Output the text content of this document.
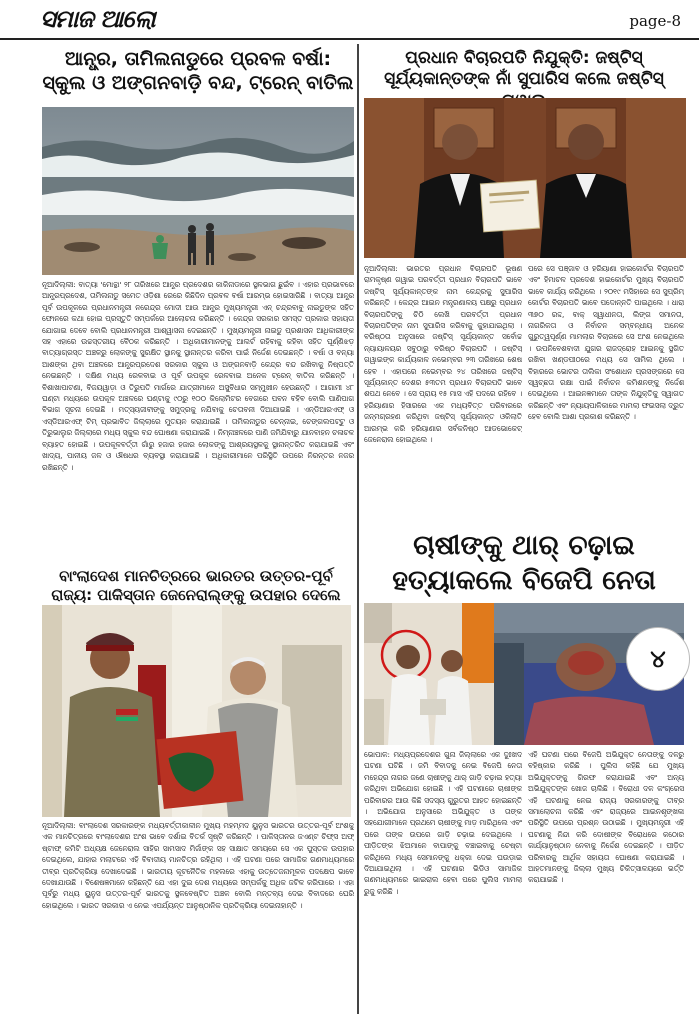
ସମାଜ ଆଲୋ	page-8
ଆନ୍ଧ୍ର, ତାମିଲନାଡୁରେ ପ୍ରବଳ ବର୍ଷା: ସ୍କୁଲ ଓ ଅଙ୍ଗନବାଡ଼ି ବନ୍ଦ, ଟ୍ରେନ୍ ବାତିଲ
ନୂଆଦିଲ୍ଲୀ: ବାତ୍ୟା 'ମୋନ୍ଥା' ୨୮ ତାରିଖରେ ଆନ୍ଧ୍ର ପ୍ରଦେଶର କାକିନାଡାରେ ସ୍ଥଳଭାଗ ଛୁଇଁବ । ଏହାର ପ୍ରଭାବରେ ଆନ୍ଧ୍ରପ୍ରଦେଶ, ତାମିଲନାଡୁ ସମେତ ଓଡ଼ିଶା ରେରେ କିଛିଦିନ ପ୍ରବଳ ବର୍ଷା ଆରମ୍ଭ ହୋଇସାରିଛି । ବାତ୍ୟା ଆନ୍ଧ୍ର ପୂର୍ବ ଉପକୂଳରେ ପ୍ରଧାନମନ୍ତ୍ରୀ ନରେନ୍ଦ୍ର ମୋଦୀ ଆଉ ଆନ୍ଧ୍ର ମୁଖ୍ୟମନ୍ତ୍ରୀ ଏନ୍ ଚନ୍ଦ୍ରବାବୁ ନାଇଡୁଙ୍କ ସହିତ ଫୋନରେ କଥା ହୋଇ ପ୍ରସ୍ତୁତି ସମ୍ପର୍କରେ ଆଲୋଚନା କରିଛନ୍ତି । କେନ୍ଦ୍ର ସରକାର ସମସ୍ତ ପ୍ରକାର ସହାୟତା ଯୋଗାଇ ଦେବେ ବୋଲି ପ୍ରଧାନମନ୍ତ୍ରୀ ଆଶ୍ୱାସନା ଦେଇଛନ୍ତି । ମୁଖ୍ୟମନ୍ତ୍ରୀ ନାଇଡୁ ପ୍ରଶାସନ ଆଧିକାରୀଙ୍କ ସହ ଏହାରେ ଉଚ୍ଚସ୍ତରୀୟ ବୈଠକ କରିଛନ୍ତି । ଅଧିକାରୀମାନଙ୍କୁ ଆଲର୍ଟ ରହିବାକୁ କହିବା ସହିତ ଘୂର୍ଣ୍ଣିଝଡ଼ ବାତ୍ୟାଗ୍ରସ୍ତ ଅଞ୍ଚଳରୁ ଲୋକଙ୍କୁ ସୁରକ୍ଷିତ ସ୍ଥାନକୁ ସ୍ଥାନାନ୍ତର କରିବା ପାଇଁ ନିର୍ଦ୍ଦେଶ ଦେଇଛନ୍ତି । ବର୍ଷା ଓ ବନ୍ୟା ଆଶଙ୍କା ଥିବା ଅଞ୍ଚଳରେ ଆନ୍ଧ୍ରପ୍ରଦେଶ ସରକାର ସ୍କୁଲ ଓ ଅଙ୍ଗନବାଡ଼ି କେନ୍ଦ୍ର ବନ୍ଦ ରଖିବାକୁ ନିଷ୍ପତ୍ତି ନେଇଛନ୍ତି । ଦକ୍ଷିଣ ମଧ୍ୟ ରେଳବାଇ ଓ ପୂର୍ବ ଉପକୂଳ ରେଳବାଇ ଅନେକ ଟ୍ରେନ୍ ବାତିଲ କରିଛନ୍ତି । ବିଶାଖାପାଟଣା, ବିଜୟୱାଡ଼ା ଓ ତିରୁପତି ମାର୍ଗରେ ଯାତ୍ରୀମାନେ ଅସୁବିଧାର ସମ୍ମୁଖୀନ ହେଉଛନ୍ତି । ଆଗାମୀ ୪୮ ଘଣ୍ଟା ମଧ୍ୟରେ ଉପକୂଳ ଅଞ୍ଚଳରେ ଘଣ୍ଟାକୁ ୯୦ରୁ ୧୦୦ କିଲୋମିଟର ବେଗରେ ପବନ ବହିବ ବୋଲି ପାଣିପାଗ ବିଭାଗ ସୂଚନା ଦେଇଛି । ମତ୍ସ୍ୟଜୀବୀଙ୍କୁ ସମୁଦ୍ରକୁ ନଯିବାକୁ ଚେତାବନୀ ଦିଆଯାଇଛି । ଏନ୍‌ଡିଆରଏଫ୍ ଓ ଏସ୍‌ଡିଆରଏଫ୍ ଟିମ୍ ପ୍ରଭାବିତ ଜିଲ୍ଲାରେ ମୁତୟନ କରାଯାଇଛି । ତାମିଲନାଡୁର ଚେନ୍ନାଇ, ଚେଙ୍ଗଲପଟ୍ଟୁ ଓ ତିରୁଭାଲୁର ଜିଲ୍ଲାରେ ମଧ୍ୟ ସ୍କୁଲ ବନ୍ଦ ଘୋଷଣା କରାଯାଇଛି । ନିମ୍ନାଞ୍ଚଳରେ ପାଣି ଜମିଯିବାରୁ ଯାନବାହନ ଚଳାଚଳ ବ୍ୟାହତ ହୋଇଛି । ଉପକୂଳବର୍ତ୍ତୀ ଗାଁରୁ ହଜାର ହଜାର ଲୋକଙ୍କୁ ଆଶ୍ରୟସ୍ଥଳକୁ ସ୍ଥାନାନ୍ତରିତ କରାଯାଇଛି ଏବଂ ଖାଦ୍ୟ, ପାନୀୟ ଜଳ ଓ ଔଷଧର ବ୍ୟବସ୍ଥା କରାଯାଇଛି । ଅଧିକାରୀମାନେ ପରିସ୍ଥିତି ଉପରେ ନିରନ୍ତର ନଜର ରଖିଛନ୍ତି ।
ପ୍ରଧାନ ବିଚାରପତି ନିଯୁକ୍ତି: ଜଷ୍ଟିସ୍ ସୂର୍ଯ୍ୟକାନ୍ତଙ୍କ ନାଁ ସୁପାରିସ କଲେ ଜଷ୍ଟିସ୍
ନୂଆଦିଲ୍ଲୀ: ଭାରତର ପ୍ରଧାନ ବିଚାରପତି ଭୂଷଣ ରାମକୃଷ୍ଣ ଗୱାଇ ପରବର୍ତ୍ତୀ ପ୍ରଧାନ ବିଚାରପତି ଭାବେ ଜଷ୍ଟିସ୍ ସୂର୍ଯ୍ୟକାନ୍ତଙ୍କ ନାମ କେନ୍ଦ୍ରକୁ ସୁପାରିସ କରିଛନ୍ତି । କେନ୍ଦ୍ର ଆଇନ ମନ୍ତ୍ରଣାଳୟ ପକ୍ଷରୁ ପ୍ରଧାନ ବିଚାରପତିଙ୍କୁ ଚିଠି ଲେଖି ପରବର୍ତ୍ତୀ ପ୍ରଧାନ ବିଚାରପତିଙ୍କ ନାମ ସୁପାରିସ କରିବାକୁ କୁହାଯାଇଥିଲା । ବରିଷ୍ଠତା ଅନୁସାରେ ଜଷ୍ଟିସ୍ ସୂର୍ଯ୍ୟକାନ୍ତ ସର୍ବୋଚ୍ଚ ନ୍ୟାୟାଳୟର ସବୁଠାରୁ ବରିଷ୍ଠ ବିଚାରପତି । ଜଷ୍ଟିସ୍ ଗୱାଇଙ୍କ କାର୍ଯ୍ୟକାଳ ନଭେମ୍ବର ୨୩ ତାରିଖରେ ଶେଷ ହେବ । ଏହାପରେ ନଭେମ୍ବର ୨୪ ତାରିଖରେ ଜଷ୍ଟିସ୍ ସୂର୍ଯ୍ୟକାନ୍ତ ଦେଶର ୫୩ତମ ପ୍ରଧାନ ବିଚାରପତି ଭାବେ ଶପଥ ନେବେ । ସେ ପ୍ରାୟ ୧୫ ମାସ ଏହି ପଦରେ ରହିବେ । ହରିୟାଣାର ହିସାରରେ ଏକ ମଧ୍ୟବିତ୍ତ ପରିବାରରେ ଜନ୍ମଗ୍ରହଣ କରିଥିବା ଜଷ୍ଟିସ୍ ସୂର୍ଯ୍ୟକାନ୍ତ ଓକିଲାତି ଆରମ୍ଭ କରି ହରିୟାଣାର ସର୍ବକନିଷ୍ଠ ଆଡଭୋକେଟ୍ ଜେନେରାଲ ହୋଇଥିଲେ ।
ପରେ ସେ ପଞ୍ଜାବ ଓ ହରିୟାଣା ହାଇକୋର୍ଟର ବିଚାରପତି ଏବଂ ହିମାଚଳ ପ୍ରଦେଶ ହାଇକୋର୍ଟର ମୁଖ୍ୟ ବିଚାରପତି ଭାବେ କାର୍ଯ୍ୟ କରିଥିଲେ । ୨୦୧୯ ମସିହାରେ ସେ ସୁପ୍ରିମ୍ କୋର୍ଟର ବିଚାରପତି ଭାବେ ପଦୋନ୍ନତି ପାଇଥିଲେ । ଧାରା ୩୭୦ ରଦ୍ଦ, ବାକ୍ ସ୍ୱାଧୀନତା, ଲିଙ୍ଗ ସମାନତା, ନାଗରିକତା ଓ ନିର୍ବାଚନ ସମ୍ବନ୍ଧୀୟ ଅନେକ ଗୁରୁତ୍ୱପୂର୍ଣ୍ଣ ମାମଲାର ବିଚାରରେ ସେ ଅଂଶ ନେଇଥିଲେ । ଉପନିବେଶବାଦୀ ଯୁଗର ରାଜଦ୍ରୋହ ଆଇନକୁ ସ୍ଥଗିତ ରଖିବା ଖଣ୍ଡପୀଠରେ ମଧ୍ୟ ସେ ସାମିଲ ଥିଲେ । ବିହାରରେ ଭୋଟର ତାଲିକା ସଂଶୋଧନ ପ୍ରସଙ୍ଗରେ ସେ ସ୍ୱଚ୍ଛତା ରକ୍ଷା ପାଇଁ ନିର୍ବାଚନ କମିଶନଙ୍କୁ ନିର୍ଦ୍ଦେଶ ଦେଇଥିଲେ । ଆଇନଜ୍ଞମାନେ ତାଙ୍କ ନିଯୁକ୍ତିକୁ ସ୍ୱାଗତ କରିଛନ୍ତି ଏବଂ ନ୍ୟାୟପାଳିକାରେ ମାମଲା ଫଇସଲା ଦ୍ରୁତ ହେବ ବୋଲି ଆଶା ପ୍ରକାଶ କରିଛନ୍ତି ।
ବାଂଲାଦେଶ ମାନଚିତ୍ରରେ ଭାରତର ଉତ୍ତର-ପୂର୍ବ ରାଜ୍ୟ: ପାକିସ୍ତାନ ଜେନେରାଲ୍‌ଙ୍କୁ ଉପହାର ଦେଲେ
ନୂଆଦିଲ୍ଲୀ: ବାଂଲାଦେଶ ସରକାରଙ୍କ ମଧ୍ୟବର୍ତ୍ତୀକାଳୀନ ମୁଖ୍ୟ ମହମ୍ମଦ ୟୁନୁସ ଭାରତର ଉତ୍ତର-ପୂର୍ବ ଅଂଶକୁ ଏକ ମାନଚିତ୍ରରେ ବାଂଲାଦେଶର ଅଂଶ ଭାବେ ଦର୍ଶାଇ ବିତର୍କ ସୃଷ୍ଟି କରିଛନ୍ତି । ପାକିସ୍ତାନର ଜଏଣ୍ଟ ଚିଫ୍ସ ଅଫ୍ ଷ୍ଟାଫ୍ କମିଟି ଅଧ୍ୟକ୍ଷ ଜେନେରାଲ ସାହିର ସାମସାଦ ମିର୍ଜାଙ୍କ ସହ ସାକ୍ଷାତ ସମୟରେ ସେ ଏକ ପୁସ୍ତକ ଉପହାର ଦେଇଥିଲେ, ଯାହାର ମଲାଟରେ ଏହି ବିବାଦୀୟ ମାନଚିତ୍ର ରହିଥିଲା । ଏହି ଘଟଣା ପରେ ସାମାଜିକ ଗଣମାଧ୍ୟମରେ ତୀବ୍ର ପ୍ରତିକ୍ରିୟା ଦେଖାଦେଇଛି । ଭାରତୀୟ କୂଟନୈତିକ ମହଲରେ ଏହାକୁ ଉତ୍ତେଜନାମୂଳକ ପଦକ୍ଷେପ ଭାବେ ଦେଖାଯାଉଛି । ବିଶେଷଜ୍ଞମାନେ କହିଛନ୍ତି ଯେ ଏହା ଦୁଇ ଦେଶ ମଧ୍ୟରେ ସମ୍ପର୍କକୁ ଅଧିକ ଜଟିଳ କରିପାରେ । ଏହା ପୂର୍ବରୁ ମଧ୍ୟ ୟୁନୁସ ଉତ୍ତର-ପୂର୍ବ ଭାରତକୁ ସ୍ଥଳବେଷ୍ଟିତ ଅଞ୍ଚଳ ବୋଲି ମନ୍ତବ୍ୟ ଦେଇ ବିବାଦରେ ଘେରି ହୋଇଥିଲେ । ଭାରତ ସରକାର ଏ ନେଇ ଏପର୍ଯ୍ୟନ୍ତ ଆନୁଷ୍ଠାନିକ ପ୍ରତିକ୍ରିୟା ଦେଇନାହାନ୍ତି ।
ଚାଷୀଙ୍କୁ ଥାର୍ ଚଢ଼ାଇ ହତ୍ୟାକଲେ ବିଜେପି ନେତା
୪
ଭୋପାଳ: ମଧ୍ୟପ୍ରଦେଶର ଗୁନା ଜିଲ୍ଲାରେ ଏକ ଦୁଃଖଦ ଘଟଣା ଘଟିଛି । ଜମି ବିବାଦକୁ ନେଇ ବିଜେପି ନେତା ମହେନ୍ଦ୍ର ନାଗର ଜଣେ ଚାଷୀଙ୍କୁ ଥାର୍ ଗାଡ଼ି ଚଢ଼ାଇ ହତ୍ୟା କରିଥିବା ଅଭିଯୋଗ ହୋଇଛି । ଏହି ଘଟଣାରେ ଚାଷୀଙ୍କ ପରିବାରର ଆଉ କିଛି ସଦସ୍ୟ ଗୁରୁତର ଆହତ ହୋଇଛନ୍ତି । ଅଭିଯୋଗ ଅନୁସାରେ ଅଭିଯୁକ୍ତ ଓ ତାଙ୍କ ସହଯୋଗୀମାନେ ପ୍ରଥମେ ଚାଷୀଙ୍କୁ ମାଡ଼ ମାରିଥିଲେ ଏବଂ ପରେ ତାଙ୍କ ଉପରେ ଗାଡ଼ି ଚଢ଼ାଇ ଦେଇଥିଲେ । ପୀଡ଼ିତଙ୍କ ଝିଅମାନେ ବାପାଙ୍କୁ ବଞ୍ଚାଇବାକୁ ଚେଷ୍ଟା କରିଥିଲେ ମଧ୍ୟ ସେମାନଙ୍କୁ ଧକ୍କା ଦେଇ ଘଉଡ଼ାଇ ଦିଆଯାଇଥିଲା । ଏହି ଘଟଣାର ଭିଡିଓ ସାମାଜିକ ଗଣମାଧ୍ୟମରେ ଭାଇରାଲ ହେବା ପରେ ପୁଲିସ ମାମଲା ରୁଜୁ କରିଛି ।
ଏହି ଘଟଣା ପରେ ବିଜେପି ଅଭିଯୁକ୍ତ ନେତାଙ୍କୁ ଦଳରୁ ବହିଷ୍କାର କରିଛି । ପୁଲିସ କହିଛି ଯେ ମୁଖ୍ୟ ଅଭିଯୁକ୍ତଙ୍କୁ ଗିରଫ କରାଯାଇଛି ଏବଂ ଅନ୍ୟ ଅଭିଯୁକ୍ତଙ୍କ ଖୋଜ ଚାଲିଛି । ବିରୋଧୀ ଦଳ କଂଗ୍ରେସ ଏହି ଘଟଣାକୁ ନେଇ ରାଜ୍ୟ ସରକାରଙ୍କୁ ତୀବ୍ର ସମାଲୋଚନା କରିଛି ଏବଂ ରାଜ୍ୟରେ ଆଇନଶୃଙ୍ଖଳା ପରିସ୍ଥିତି ଉପରେ ପ୍ରଶ୍ନ ଉଠାଇଛି । ମୁଖ୍ୟମନ୍ତ୍ରୀ ଏହି ଘଟଣାକୁ ନିନ୍ଦା କରି ଦୋଷୀଙ୍କ ବିରୋଧରେ କଠୋର କାର୍ଯ୍ୟାନୁଷ୍ଠାନ ନେବାକୁ ନିର୍ଦ୍ଦେଶ ଦେଇଛନ୍ତି । ପୀଡ଼ିତ ପରିବାରକୁ ଆର୍ଥିକ ସହାୟତା ଘୋଷଣା କରାଯାଇଛି । ଆହତମାନଙ୍କୁ ଜିଲ୍ଲା ମୁଖ୍ୟ ଚିକିତ୍ସାଳୟରେ ଭର୍ତ୍ତି କରାଯାଇଛି ।
